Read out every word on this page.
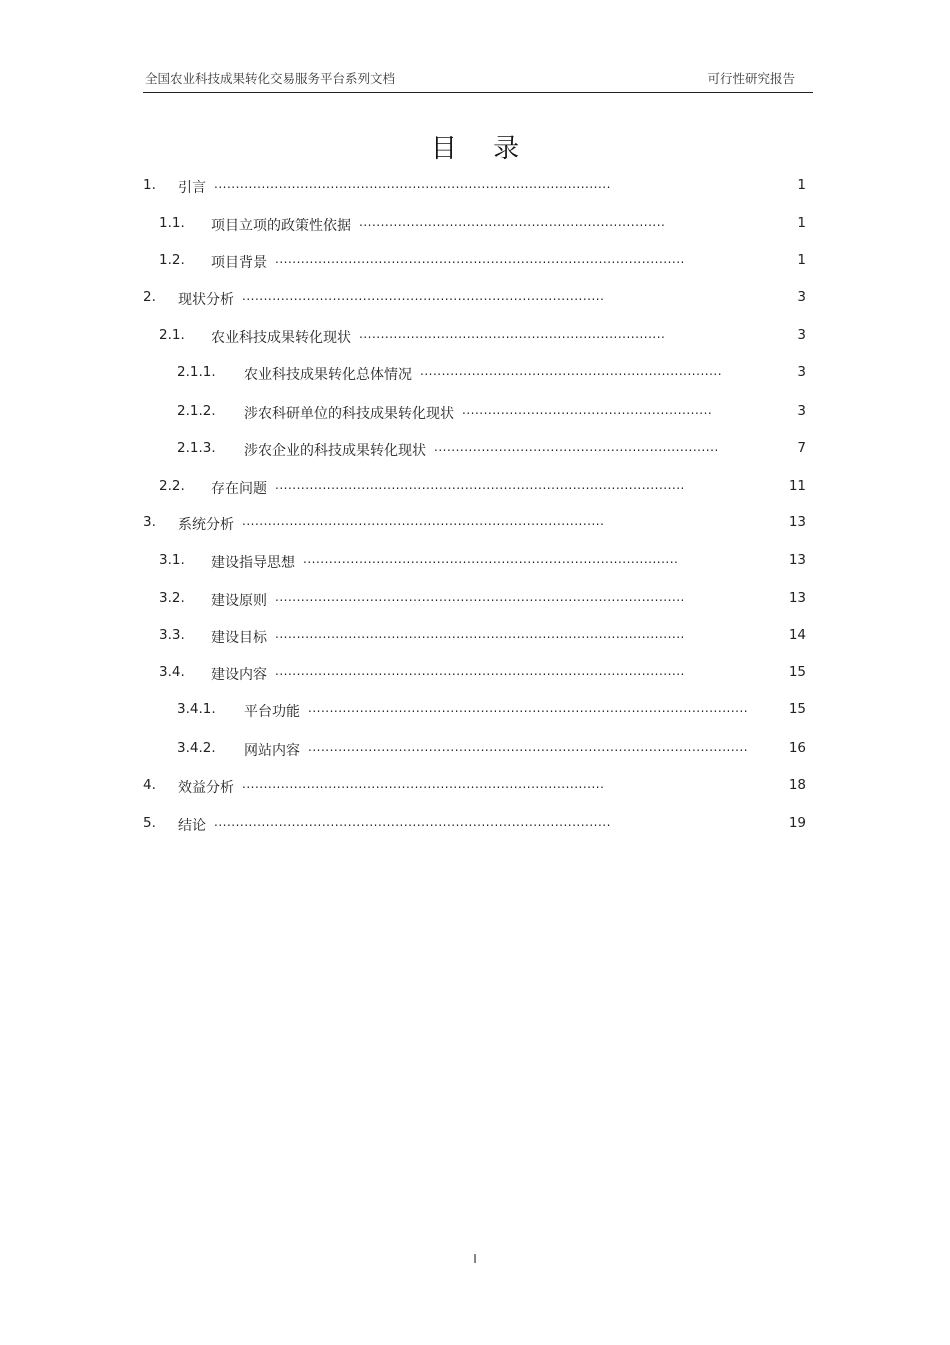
全国农业科技成果转化交易服务平台系列文档	可行性研究报告
目 录
1. 引言 ............................................................................................	1
1.1. 项目立项的政策性依据 .......................................................................	1
1.2. 项目背景 ...............................................................................................	1
2. 现状分析 ....................................................................................	3
2.1. 农业科技成果转化现状 .......................................................................	3
2.1.1. 农业科技成果转化总体情况 ......................................................................	3
2.1.2. 涉农科研单位的科技成果转化现状 ..........................................................	3
2.1.3. 涉农企业的科技成果转化现状 ..................................................................	7
2.2. 存在问题 ...............................................................................................	11
3. 系统分析 ....................................................................................	13
3.1. 建设指导思想 .......................................................................................	13
3.2. 建设原则 ...............................................................................................	13
3.3. 建设目标 ...............................................................................................	14
3.4. 建设内容 ...............................................................................................	15
3.4.1. 平台功能 ......................................................................................................	15
3.4.2. 网站内容 ......................................................................................................	16
4. 效益分析 ....................................................................................	18
5. 结论 ............................................................................................	19
I
